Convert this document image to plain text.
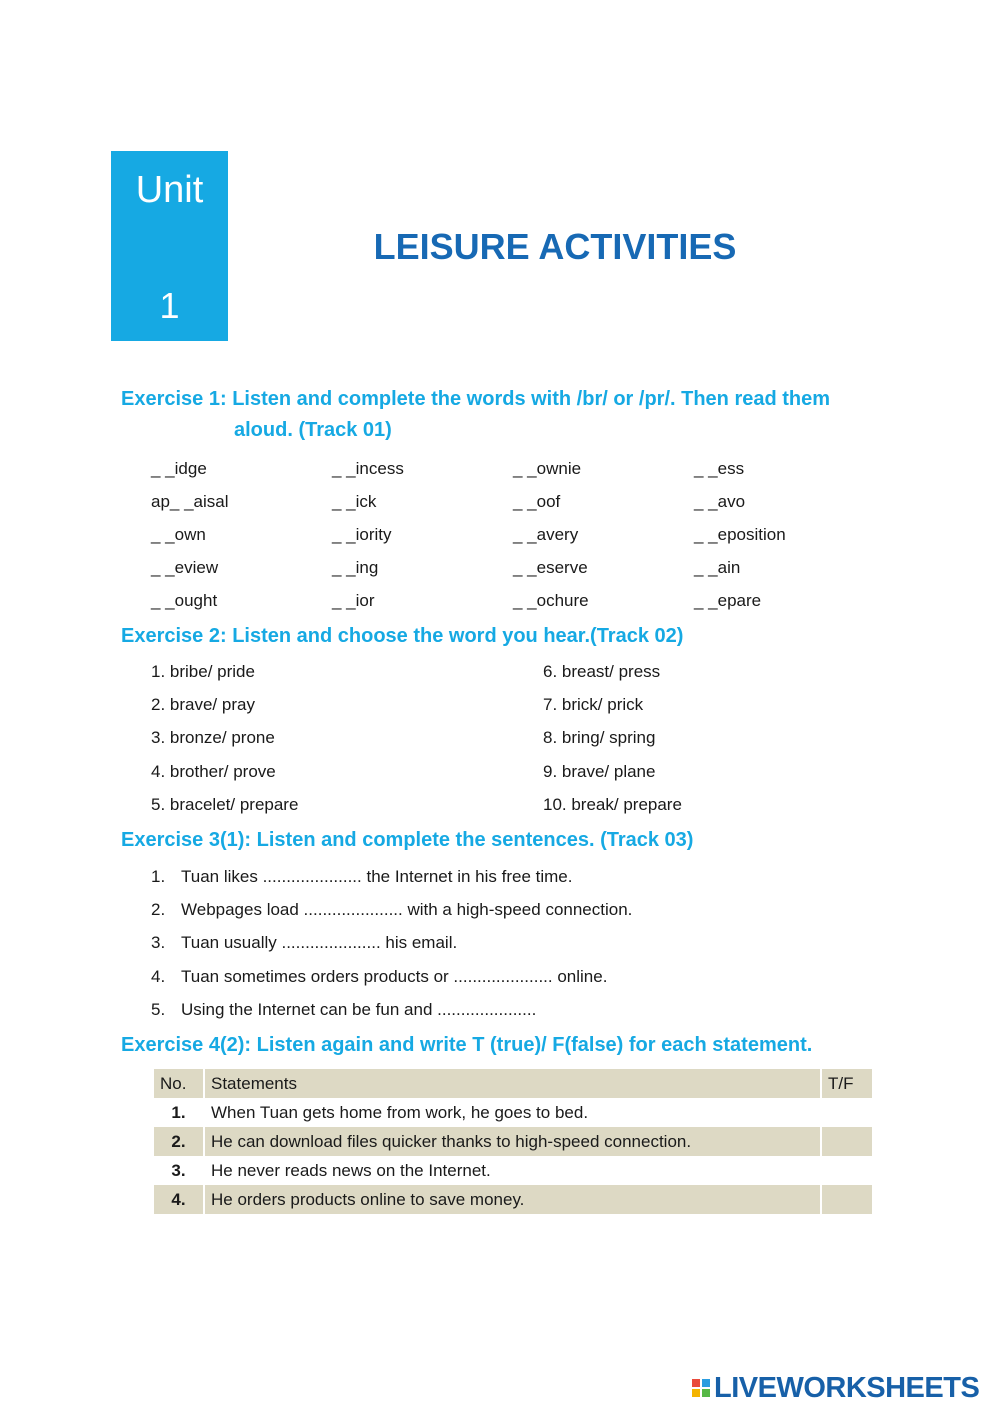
Unit
1
LEISURE ACTIVITIES
Exercise 1: Listen and complete the words with /br/ or /pr/. Then read them
aloud. (Track 01)
_ _idge	_ _incess	_ _ownie	_ _ess
ap_ _aisal	_ _ick	_ _oof	_ _avo
_ _own	_ _iority	_ _avery	_ _eposition
_ _eview	_ _ing	_ _eserve	_ _ain
_ _ought	_ _ior	_ _ochure	_ _epare
Exercise 2: Listen and choose the word you hear.(Track 02)
1. bribe/ pride
2. brave/ pray
3. bronze/ prone
4. brother/ prove
5. bracelet/ prepare
6. breast/ press
7. brick/ prick
8. bring/ spring
9. brave/ plane
10. break/ prepare
Exercise 3(1): Listen and complete the sentences. (Track 03)
1. Tuan likes ..................... the Internet in his free time.
2. Webpages load ..................... with a high-speed connection.
3. Tuan usually ..................... his email.
4. Tuan sometimes orders products or ..................... online.
5. Using the Internet can be fun and .....................
Exercise 4(2): Listen again and write T (true)/ F(false) for each statement.
No.	Statements	T/F
1.	When Tuan gets home from work, he goes to bed.	
2.	He can download files quicker thanks to high-speed connection.	
3.	He never reads news on the Internet.	
4.	He orders products online to save money.	
LIVEWORKSHEETS
